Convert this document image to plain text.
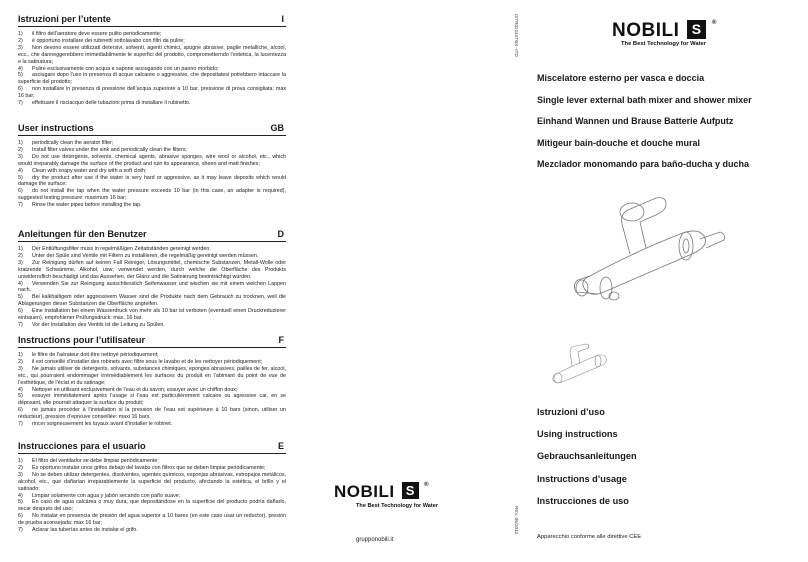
Istruzioni per l’utente	I
1) il filtro dell’aeratore deve essere pulito periodicamente;
2) è opportuno installare dei rubinetti sottolavabo con filtri da pulire;
3) Non devono essere utilizzati detersivi, solventi, agenti chimici, spugne abrasive, paglie metalliche, alcool, ecc., che danneggerebbero irrimediabilmente le superfici del prodotto, comprometterndo l’estetica, la lucentezza e la satinatura;
4) Pulire esclusivamente con acqua e sapone asciugando con un panno morbido;
5) asciugare dopo l’uso in presenza di acque calcaree o aggressive, che depositatesi potrebbero intaccare la superficie del prodotto;
6) non installare in presenza di pressione dell’acqua superiore a 10 bar, pressione di prova consigliata: max 16 bar;
7) effettuare il risciacquo delle tubazioni prima di installare il rubinetto.
User instructions	GB
1) periodically clean the aerator filter;
2) Install filter valves under the sink and periodically clean the filters;
3) Do not use detergents, solvents, chemical agents, abrasive sponges, wire wool or alcohol, etc., which would irreparably damage the surface of the product and ruin its appearance, sheen and matt finishes;
4) Clean with soapy water and dry with a soft cloth;
5) dry the product after use if the water is very hard or aggressive, as it may leave deposits which would damage the surface;
6) do not install the tap when the water pressure exceeds 10 bar (in this case, an adapter is required), suggested testing pressure: maximum 16 bar;
7) Rinse the water pipes before installing the tap.
Anleitungen für den Benutzer	D
1) Der Entlüftungsfilter muss in regelmäßigen Zeitabständen gereinigt werden.
2) Unter der Spüle sind Ventile mit Filtern zu installieren, die regelmäßig gereinigt werden müssen.
3) Zur Reinigung dürfen auf keinen Fall Reiniger, Lösungsmittel, chemische Substanzen, Metall-Wolle oder kratzende Schwämme, Alkohol, usw; verwendet werden, durch welche die Oberfläche des Produkts unwiderruflich beschädigt und das Aussehen, der Glanz und die Satinierung beeinträchtigt würden.
4) Verwenden Sie zur Reinigung ausschliesslich Seifenwasser und wischen sie mit einem weichen Lappen nach.
5) Bei kalkhaltigem oder aggressivem Wasser sind die Produkte nach dem Gebrauch zu trocknen, weil die Ablagerungen dieser Substanzen die Oberfläche angreifen.
6) Eine Installation bei einem Wasserdruck von mehr als 10 bar ist verboten (eventuell einen Druckreduzierer einbauen), empfohlener Prüfungsdruck: max. 16 bar.
7) Vor der Installation des Ventils ist die Leitung zu Spülen.
Instructions pour l’utilisateur	F
1) le filtre de l’aérateur doit être nettoyé périodiquement;
2) il est conseillé d’installer des robinets avec filtre sous le lavabo et de les nettoyer périodiquement;
3) Ne jamais utiliser de detergents, solvants, substances chimiques, eponges abrasives, pailles de fer, alcool, etc., qui pourraient endommager irrémédiablement les surfaces du produit en l’abimant du point de vue de l’esthétique, de l’éclat et du satinage;
4) Nettoyer en utilisant exclusivement de l’eau et du savon; essuyer avec un chiffon doux;
5) essuyer immédiatement après l’usage si l’eau est particulièrement calcaire ou agressive car, en se déposant, elle pourrait attaquer la surface du produit;
6) ne jamais procéder à l’installation si la pression de l’eau est supérieure à 10 bars (sinon, utiliser un réducteur), pression d’epreuve conseillée: maxi 16 bars.
7) rincer soigneusement les tuyaux avant d’installer le robinet.
Instrucciones para el usuario	E
1) El filtro del ventilador se debe limpiar periódicamente;
2) Es oportuno instalar unos grifos debajo del lavabo con filtros que se deben limpiar periódicamente;
3) No se deben utilizar detergentes, disolventes, agentes químicos, esponjas abrasivas, estropajos metálicos, alcohol, etc., que dañarían irreparablemente la superficie del producto, afectando la estética, el brillo y el satinado;
4) Limpiar solamente con agua y jabón secando con paño suave;
5) En caso de agua calcárea o muy dura, que depositándose en la superficie del producto podría dañarlo, secar después del uso;
6) No instalar en presencia de presión del agua superior a 10 bares (en este caso usar un reductor), presión de prueba aconsejada: max 16 bar;
7) Aclarar las tuberías antes de instalar el grifo.
NOBILI S ®
The Best Technology for Water
grupponobili.it
ISTR0211STBX--ITD
REV. 06/2012
NOBILI S ®
The Best Technology for Water
Miscelatore esterno per vasca e doccia
Single lever external bath mixer and shower mixer
Einhand Wannen und Brause Batterie Aufputz
Mitigeur bain-douche et douche mural
Mezclador monomando para baño-ducha y ducha
Istruzioni d’uso
Using instructions
Gebrauchsanleitungen
Instructions d’usage
Instrucciones de uso
Apparecchio conforme alle direttive CEE
